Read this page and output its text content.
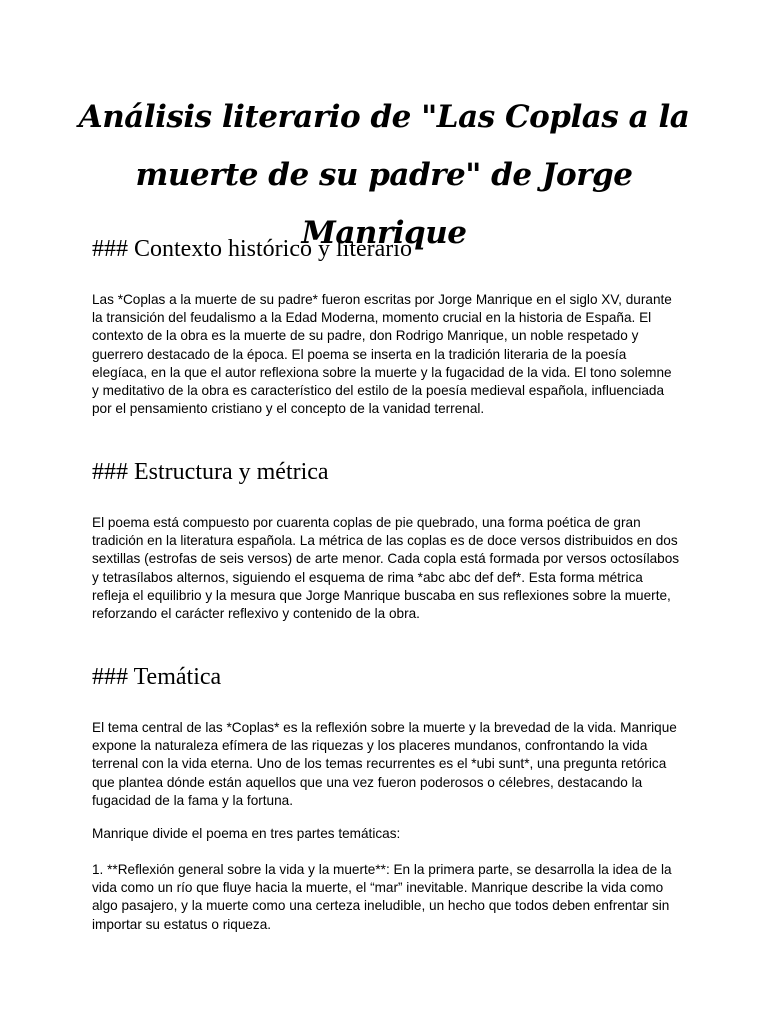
Análisis literario de "Las Coplas a la muerte de su padre" de Jorge Manrique
### Contexto histórico y literario

Las *Coplas a la muerte de su padre* fueron escritas por Jorge Manrique en el siglo XV, durante la transición del feudalismo a la Edad Moderna, momento crucial en la historia de España. El contexto de la obra es la muerte de su padre, don Rodrigo Manrique, un noble respetado y guerrero destacado de la época. El poema se inserta en la tradición literaria de la poesía elegíaca, en la que el autor reflexiona sobre la muerte y la fugacidad de la vida. El tono solemne y meditativo de la obra es característico del estilo de la poesía medieval española, influenciada por el pensamiento cristiano y el concepto de la vanidad terrenal.

### Estructura y métrica

El poema está compuesto por cuarenta coplas de pie quebrado, una forma poética de gran tradición en la literatura española. La métrica de las coplas es de doce versos distribuidos en dos sextillas (estrofas de seis versos) de arte menor. Cada copla está formada por versos octosílabos y tetrasílabos alternos, siguiendo el esquema de rima *abc abc def def*. Esta forma métrica refleja el equilibrio y la mesura que Jorge Manrique buscaba en sus reflexiones sobre la muerte, reforzando el carácter reflexivo y contenido de la obra.

### Temática

El tema central de las *Coplas* es la reflexión sobre la muerte y la brevedad de la vida. Manrique expone la naturaleza efímera de las riquezas y los placeres mundanos, confrontando la vida terrenal con la vida eterna. Uno de los temas recurrentes es el *ubi sunt*, una pregunta retórica que plantea dónde están aquellos que una vez fueron poderosos o célebres, destacando la fugacidad de la fama y la fortuna.

Manrique divide el poema en tres partes temáticas:

1. **Reflexión general sobre la vida y la muerte**: En la primera parte, se desarrolla la idea de la vida como un río que fluye hacia la muerte, el “mar” inevitable. Manrique describe la vida como algo pasajero, y la muerte como una certeza ineludible, un hecho que todos deben enfrentar sin importar su estatus o riqueza.
